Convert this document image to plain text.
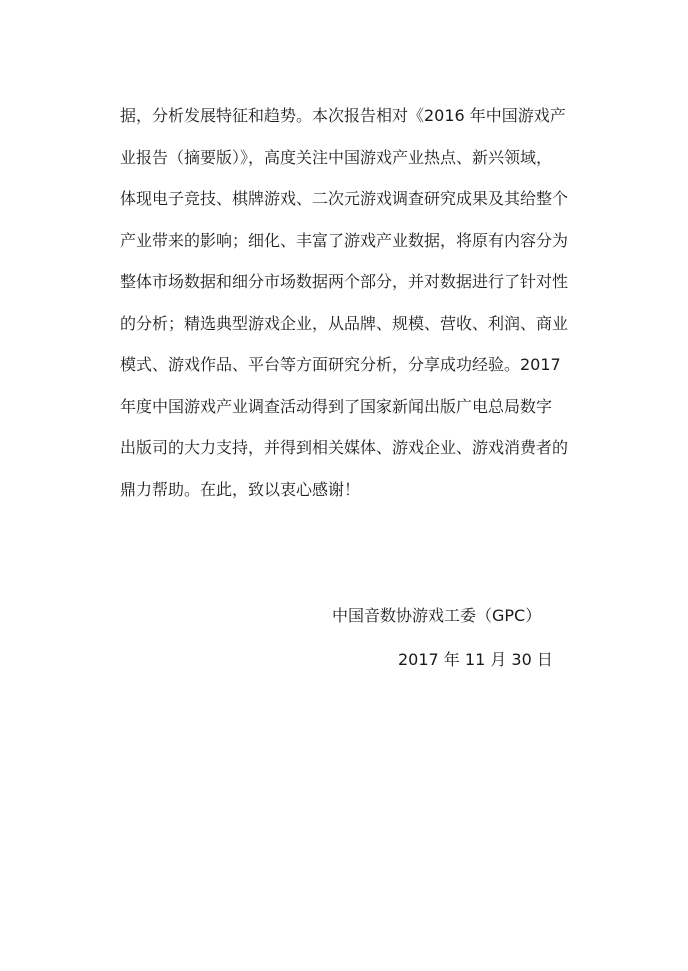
据，分析发展特征和趋势。本次报告相对《2016 年中国游戏产
业报告（摘要版）》，高度关注中国游戏产业热点、新兴领域，
体现电子竞技、棋牌游戏、二次元游戏调查研究成果及其给整个
产业带来的影响；细化、丰富了游戏产业数据，将原有内容分为
整体市场数据和细分市场数据两个部分，并对数据进行了针对性
的分析；精选典型游戏企业，从品牌、规模、营收、利润、商业
模式、游戏作品、平台等方面研究分析，分享成功经验。2017
年度中国游戏产业调查活动得到了国家新闻出版广电总局数字
出版司的大力支持，并得到相关媒体、游戏企业、游戏消费者的
鼎力帮助。在此，致以衷心感谢！
中国音数协游戏工委（GPC）
2017 年 11 月 30 日
